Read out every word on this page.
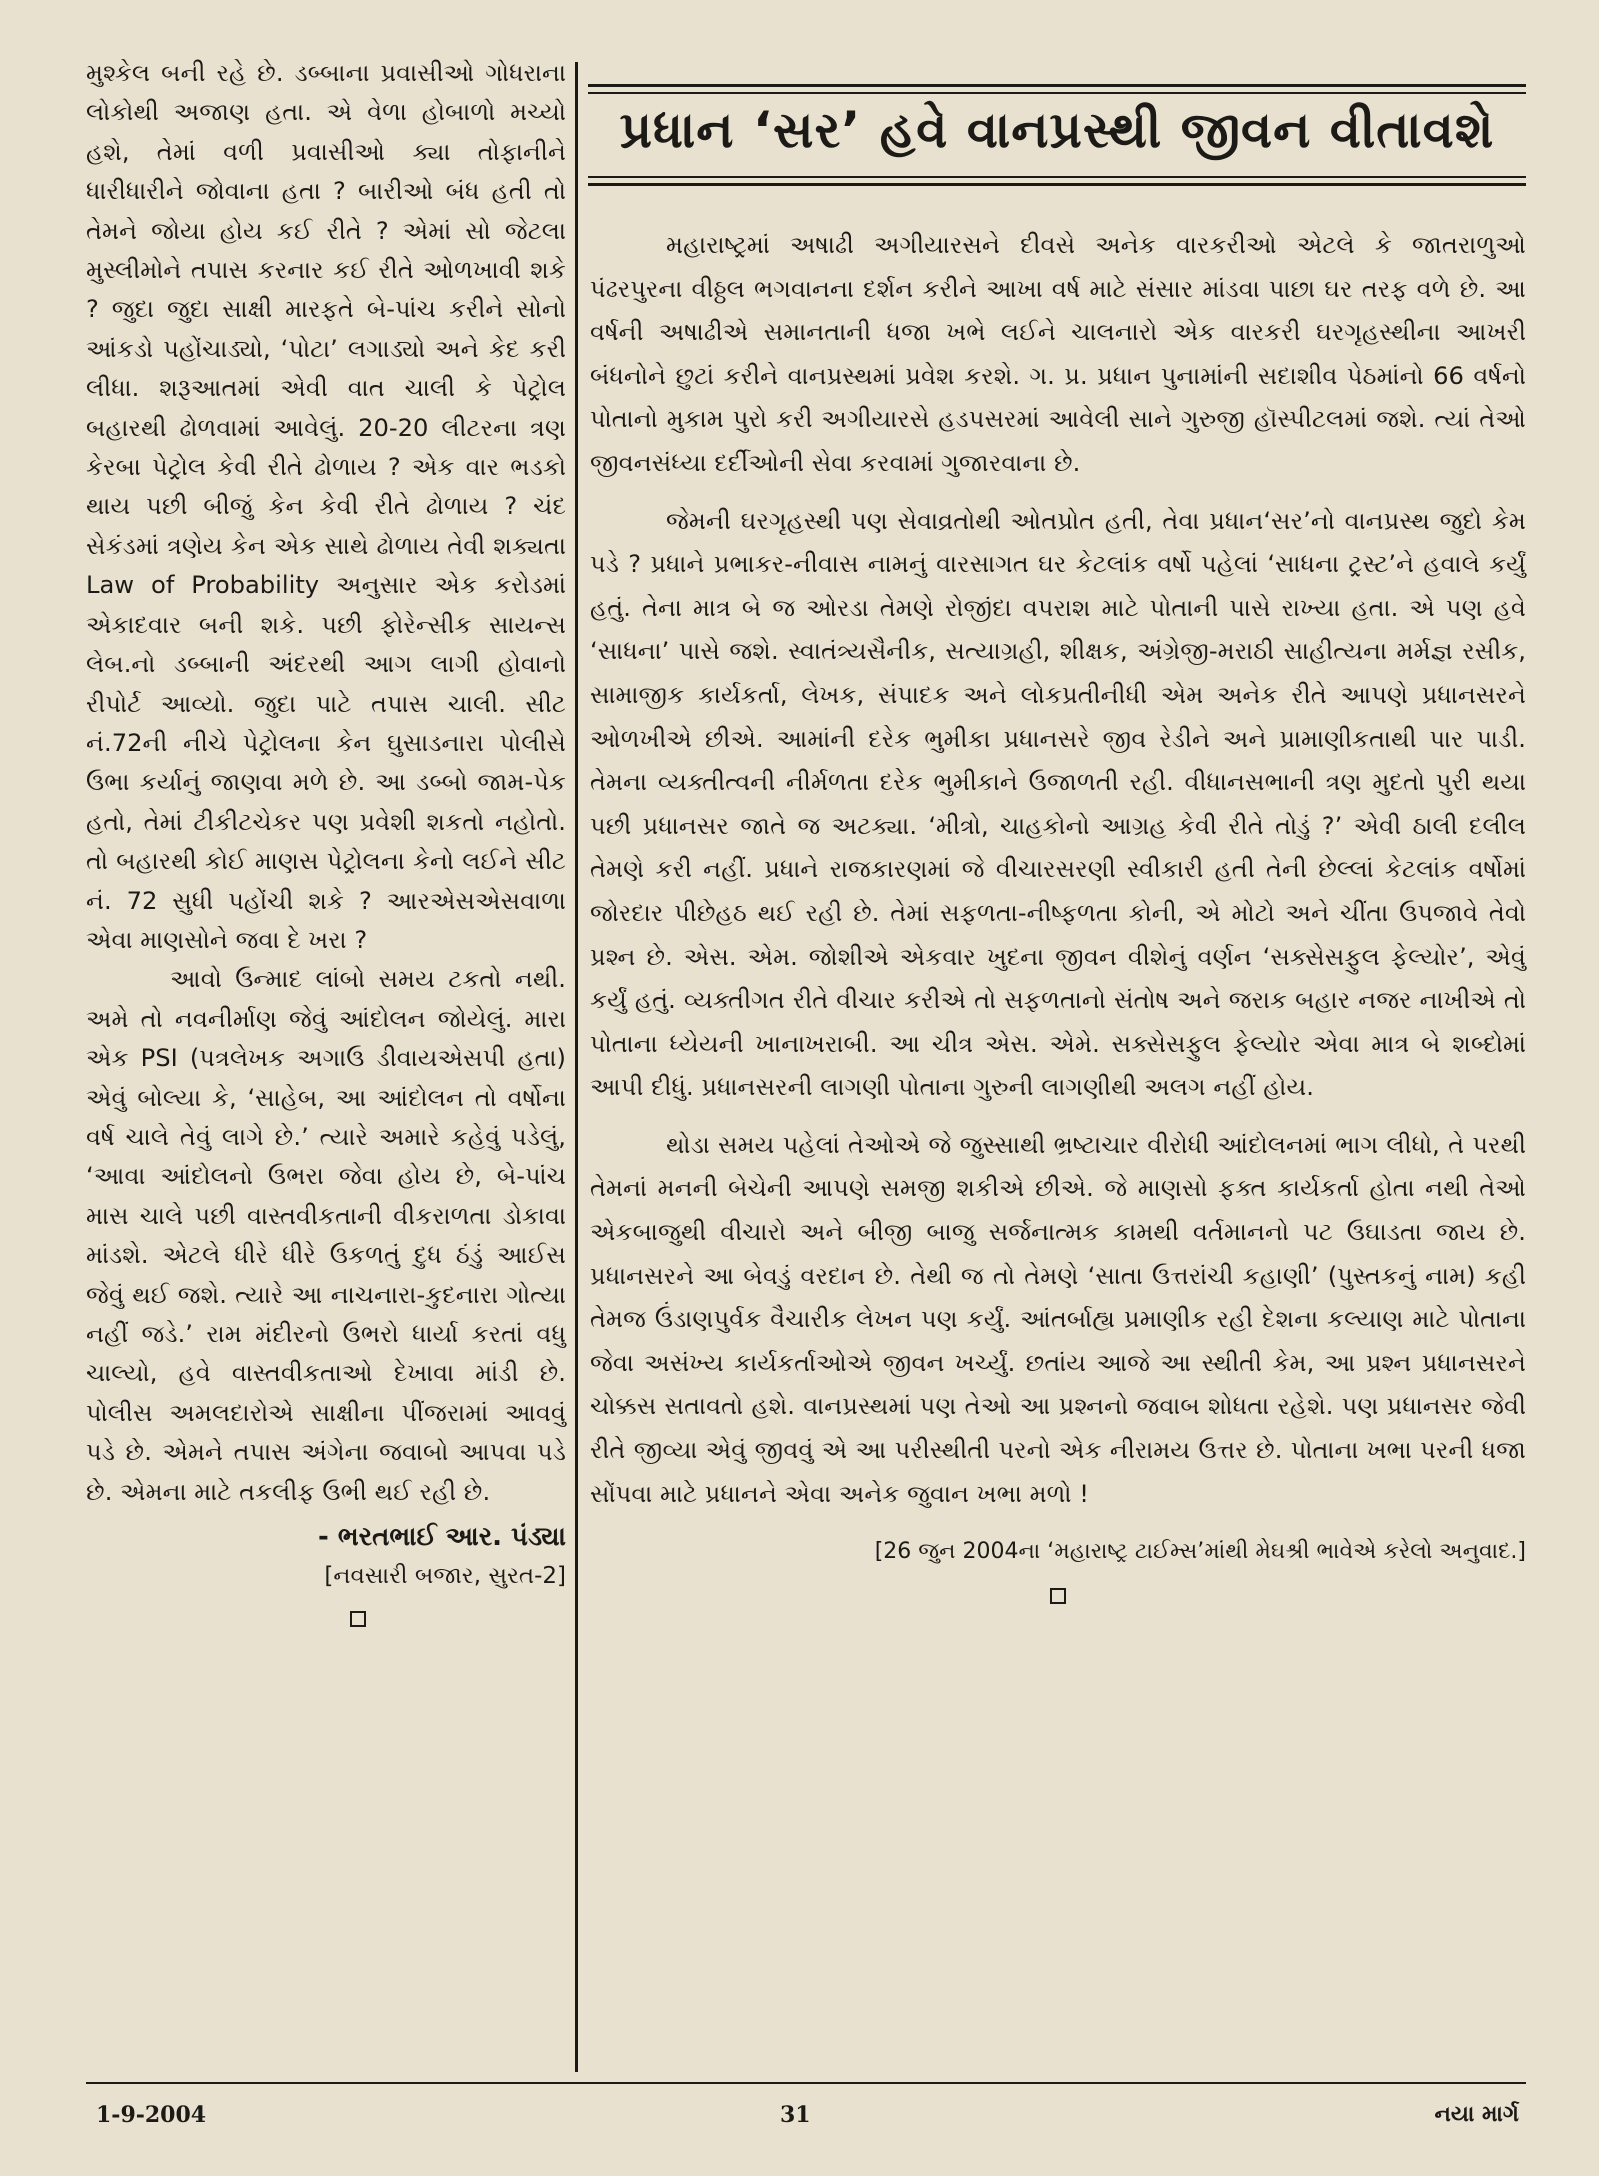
મુશ્કેલ બની રહે છે. ડબ્બાના પ્રવાસીઓ ગોધરાના લોકોથી અજાણ હતા. એ વેળા હોબાળો મચ્યો હશે, તેમાં વળી પ્રવાસીઓ ક્યા તોફાનીને ધારીધારીને જોવાના હતા ? બારીઓ બંધ હતી તો તેમને જોયા હોય કઈ રીતે ? એમાં સો જેટલા મુસ્લીમોને તપાસ કરનાર કઈ રીતે ઓળખાવી શકે ? જુદા જુદા સાક્ષી મારફતે બે-પાંચ કરીને સોનો આંકડો પહોંચાડ્યો, ‘પોટા’ લગાડ્યો અને કેદ કરી લીધા. શરૂઆતમાં એવી વાત ચાલી કે પેટ્રોલ બહારથી ઢોળવામાં આવેલું. 20-20 લીટરના ત્રણ કેરબા પેટ્રોલ કેવી રીતે ઢોળાય ? એક વાર ભડકો થાય પછી બીજું કેન કેવી રીતે ઢોળાય ? ચંદ સેકંડમાં ત્રણેય કેન એક સાથે ઢોળાય તેવી શક્યતા Law of Probability અનુસાર એક કરોડમાં એકાદવાર બની શકે. પછી ફોરેન્સીક સાયન્સ લેબ.નો ડબ્બાની અંદરથી આગ લાગી હોવાનો રીપોર્ટ આવ્યો. જુદા પાટે તપાસ ચાલી. સીટ નં.72ની નીચે પેટ્રોલના કેન ઘુસાડનારા પોલીસે ઉભા કર્યાનું જાણવા મળે છે. આ ડબ્બો જામ-પેક હતો, તેમાં ટીકીટચેકર પણ પ્રવેશી શકતો નહોતો. તો બહારથી કોઈ માણસ પેટ્રોલના કેનો લઈને સીટ નં. 72 સુધી પહોંચી શકે ? આરએસએસવાળા એવા માણસોને જવા દે ખરા ?

આવો ઉન્માદ લાંબો સમય ટકતો નથી. અમે તો નવનીર્માણ જેવું આંદોલન જોયેલું. મારા એક PSI (પત્રલેખક અગાઉ ડીવાયએસપી હતા) એવું બોલ્યા કે, ‘સાહેબ, આ આંદોલન તો વર્ષોના વર્ષ ચાલે તેવું લાગે છે.’ ત્યારે અમારે કહેવું પડેલું, ‘આવા આંદોલનો ઉભરા જેવા હોય છે, બે-પાંચ માસ ચાલે પછી વાસ્તવીકતાની વીકરાળતા ડોકાવા માંડશે. એટલે ધીરે ધીરે ઉકળતું દુધ ઠંડું આઈસ જેવું થઈ જશે. ત્યારે આ નાચનારા-કુદનારા ગોત્યા નહીં જડે.’ રામ મંદીરનો ઉભરો ધાર્યા કરતાં વધુ ચાલ્યો, હવે વાસ્તવીકતાઓ દેખાવા માંડી છે. પોલીસ અમલદારોએ સાક્ષીના પીંજરામાં આવવું પડે છે. એમને તપાસ અંગેના જવાબો આપવા પડે છે. એમના માટે તકલીફ ઉભી થઈ રહી છે.

- ભરતભાઈ આર. પંડ્યા

[નવસારી બજાર, સુરત-2]

પ્રધાન ‘સર’ હવે વાનપ્રસ્થી જીવન વીતાવશે

મહારાષ્ટ્રમાં અષાઢી અગીયારસને દીવસે અનેક વારકરીઓ એટલે કે જાતરાળુઓ પંઢરપુરના વીઠ્ઠલ ભગવાનના દર્શન કરીને આખા વર્ષ માટે સંસાર માંડવા પાછા ઘર તરફ વળે છે. આ વર્ષની અષાઢીએ સમાનતાની ધજા ખભે લઈને ચાલનારો એક વારકરી ઘરગૃહસ્થીના આખરી બંધનોને છુટાં કરીને વાનપ્રસ્થમાં પ્રવેશ કરશે. ગ. પ્ર. પ્રધાન પુનામાંની સદાશીવ પેઠમાંનો 66 વર્ષનો પોતાનો મુકામ પુરો કરી અગીયારસે હડપસરમાં આવેલી સાને ગુરુજી હૉસ્પીટલમાં જશે. ત્યાં તેઓ જીવનસંધ્યા દર્દીઓની સેવા કરવામાં ગુજારવાના છે.

જેમની ઘરગૃહસ્થી પણ સેવાવ્રતોથી ઓતપ્રોત હતી, તેવા પ્રધાન‘સર’નો વાનપ્રસ્થ જુદો કેમ પડે ? પ્રધાને પ્રભાકર-નીવાસ નામનું વારસાગત ઘર કેટલાંક વર્ષો પહેલાં ‘સાધના ટ્રસ્ટ’ને હવાલે કર્યું હતું. તેના માત્ર બે જ ઓરડા તેમણે રોજીંદા વપરાશ માટે પોતાની પાસે રાખ્યા હતા. એ પણ હવે ‘સાધના’ પાસે જશે. સ્વાતંત્ર્યસૈનીક, સત્યાગ્રહી, શીક્ષક, અંગ્રેજી-મરાઠી સાહીત્યના મર્મજ્ઞ રસીક, સામાજીક કાર્યકર્તા, લેખક, સંપાદક અને લોકપ્રતીનીધી એમ અનેક રીતે આપણે પ્રધાનસરને ઓળખીએ છીએ. આમાંની દરેક ભુમીકા પ્રધાનસરે જીવ રેડીને અને પ્રામાણીકતાથી પાર પાડી. તેમના વ્યક્તીત્વની નીર્મળતા દરેક ભુમીકાને ઉજાળતી રહી. વીધાનસભાની ત્રણ મુદતો પુરી થયા પછી પ્રધાનસર જાતે જ અટક્યા. ‘મીત્રો, ચાહકોનો આગ્રહ કેવી રીતે તોડું ?’ એવી ઠાલી દલીલ તેમણે કરી નહીં. પ્રધાને રાજકારણમાં જે વીચારસરણી સ્વીકારી હતી તેની છેલ્લાં કેટલાંક વર્ષોમાં જોરદાર પીછેહઠ થઈ રહી છે. તેમાં સફળતા-નીષ્ફળતા કોની, એ મોટો અને ચીંતા ઉપજાવે તેવો પ્રશ્ન છે. એસ. એમ. જોશીએ એકવાર ખુદના જીવન વીશેનું વર્ણન ‘સક્સેસફુલ ફેલ્યોર’, એવું કર્યું હતું. વ્યક્તીગત રીતે વીચાર કરીએ તો સફળતાનો સંતોષ અને જરાક બહાર નજર નાખીએ તો પોતાના ધ્યેયની ખાનાખરાબી. આ ચીત્ર એસ. એમે. સક્સેસફુલ ફેલ્યોર એવા માત્ર બે શબ્દોમાં આપી દીધું. પ્રધાનસરની લાગણી પોતાના ગુરુની લાગણીથી અલગ નહીં હોય.

થોડા સમય પહેલાં તેઓએ જે જુસ્સાથી ભ્રષ્ટાચાર વીરોધી આંદોલનમાં ભાગ લીધો, તે પરથી તેમનાં મનની બેચેની આપણે સમજી શકીએ છીએ. જે માણસો ફક્ત કાર્યકર્તા હોતા નથી તેઓ એકબાજુથી વીચારો અને બીજી બાજુ સર્જનાત્મક કામથી વર્તમાનનો પટ ઉઘાડતા જાય છે. પ્રધાનસરને આ બેવડું વરદાન છે. તેથી જ તો તેમણે ‘સાતા ઉત્તરાંચી કહાણી’ (પુસ્તકનું નામ) કહી તેમજ ઉંડાણપુર્વક વૈચારીક લેખન પણ કર્યું. આંતર્બાહ્ય પ્રમાણીક રહી દેશના કલ્યાણ માટે પોતાના જેવા અસંખ્ય કાર્યકર્તાઓએ જીવન ખર્ચ્યું. છતાંય આજે આ સ્થીતી કેમ, આ પ્રશ્ન પ્રધાનસરને ચોક્કસ સતાવતો હશે. વાનપ્રસ્થમાં પણ તેઓ આ પ્રશ્નનો જવાબ શોધતા રહેશે. પણ પ્રધાનસર જેવી રીતે જીવ્યા એવું જીવવું એ આ પરીસ્થીતી પરનો એક નીરામય ઉત્તર છે. પોતાના ખભા પરની ધજા સોંપવા માટે પ્રધાનને એવા અનેક જુવાન ખભા મળો !

[26 જુન 2004ના ‘મહારાષ્ટ્ર ટાઈમ્સ’માંથી મેઘશ્રી ભાવેએ કરેલો અનુવાદ.]

1-9-2004	31	નયા માર્ગ
